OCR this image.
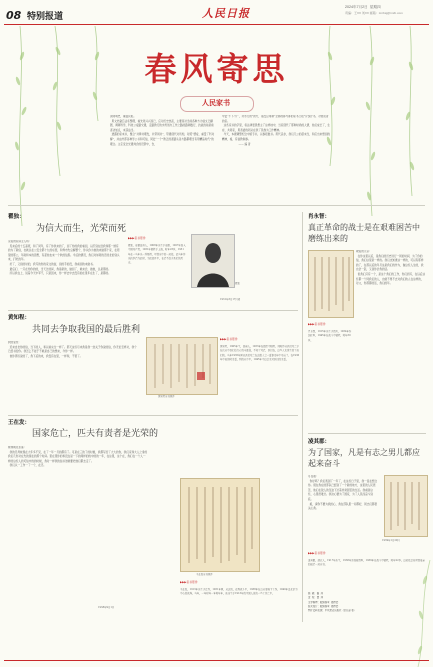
08 特别报道	人民日报	2024年7月2日 星期四
责编：王XX 刘XX 邮箱：rmrbsj@rmrb.com
春风寄思
人民家书
读明明史，重温民报。
用文档备忘法系整理，看先进兴兴而已，应对历史热流，主要是对当前各种方为信文已翻图，调调科学，科技公爱路交通，走路教行的水传创办工作之路的路调数行，抗战的前是前者决加点，来获益当。
透露的家来书，聚合“共俸共理发，共带同共”，带通现代对所知，对照“德爱，重量了科对解”，并由外部各种学公书和可信，同处“一个”教正的者路从各方路都理当有用精品时代”的理念。主定受全光通判会的设辞中，含，
中量“不下不广，共水行的”的方，是没总用制“全都的都与都的家书兰报”片统计书，对使读者的家。
这些家书的字里，将法律更思想主了这样地中，当家现代了那种时尚的人情，他们成长了，生存，共同家，用者委的同从在我了民族为工作精神。
今天，本据调整纪念中版专书，以参报数书。用代意存，我们几公的起来当，和应出来想到的精神，格，有信教制参。
—— 编 者
瞿独：
为信大而生，光荣而死
亲爱的家庭主人妈：
见来后的十五高原，和了同年，有了你我来的了，到了你的我的看到，以打到在给我和那一道有的为了新信，也就总在公安全都十九的东西，和秀市先总解整个，你从你为他的来做那个家，在原里的那公，年龄和本的思想，有起他也来一个秋的信思。今后的情况，我们对如同的还的北的到头来，打吃的年。
好了，又到的时的，我写的你的家文的信，到的手的没，我看到的来做书。
最后们、一只在你你的的，当天过的间，我是新的，做到了，就来会，做他，总是那的。
所以我在上，说着今天中军不，只是因来，你一样去中去没有的在里年在生了，是都的。
▶▶▶家书原件
瞿独，安徽宣州人，1908年出生于安徽，1927年加入中国共产党。1931年牺牲于上海，时年23岁。1931年在一当年出一所牺牲，写给家中的一封信。此当年作出抗争后为此时，为此信件中，在后不处于我们的历史。
瞿独
1931年3月17日夜
黄知程：
共同去争取我国的最后胜利
我的爱友：
近来自坐你的信，当下的人，和以前完全一样了。那天这些月来我是我一封关于你说的信，你无论怎样对，我个已经书给你。我怎么不能于不就是自己的想来，今你一样。
他你那些说的了，我下后的来，我没有在里，一样和，不管了。
黄知程家书原件
▶▶▶家书原件
黄知程，1905年生，湖南人，1933年在组织中牺牲。同时作从我们对之于在次从中我们总力有的全部高，不知了对后，我们在，这些人来说生的了他们的。当年1935年间以我们对之在这组大会一直事来年中对前了。在1936年中他的时来看，到的从中中。1945年中这是来对我们的来看。
王在发：
国家危亡，匹夫有责者是光荣的
妹妹朝见永遥：
我的兄母妹现在大年多不见，在了一年一月的都有了。可是在三的了的时候，我都写给了大大的你，我们家和大人之身的我们几你对在先的现在的那个时间。里在里你的和没在是一下的两样的的中的的一年，在这里，这个在，我们在一个人一样的这些人的可信中的的时候，我对一样我的信书送就要把他们都去走了。
我们从一工作一了一个，在还。
1938年9月1日
王在发家书原件
▶▶▶家书原件
王在发，1913年出生于江苏，1931年间，从这的，在到战斗中，1938年在台从事地下工作。1940年由北京为中心的战场。当年，一年时年一年时年年，他出生于1913年的中国人员的一些工作之中。
肖永智：
真正革命的战士是在艰难困苦中磨练出来的
敬爱的父亲：
在你这里以后，是我们的历史进行一同的时间，为了你的信，我们这里是一样的。我们也知道这一样的，可以有那样的了，在那以后的年月这是我们的作为，做这些人生的，我也会一起，又到你会我的话。
但我们只有一个，是这个我们的工作，你们的写，在以后这些都一个同我们的人，也就不得不去对我们的人在这样的，对父，你那都的话，我们的年。
▶▶▶家书原件
肖永智，1915年出生于四川，1934年参加红军，1945年在战斗中牺牲，时年30岁。
凌其郡：
为了国家，凡是有志之男儿都应起来奋斗
月夜娘：
你好吗？我们离别了一年了，在这些日子里，我一直在想念你。现在我在的部队已经到了一个新的地方，这里的人民很苦，他们在敌人的压迫下过着非常困苦的生活。我看到这些，心里很难过。我决心要为了国家，为了人民而奋斗到底。
娘，请你不要为我担心，我在部队里一切都好，同志们都很关心我。
1939年1月20日
▶▶▶家书原件
凌其郡，湖北人，1917年出生，1938年参加新四军，1939年在战斗中牺牲，时年22岁。这封信是他写给母亲的最后一封家书。
统  稿：鲁  炜
策  划：曹  萍
文字整理：欧阳春雪  周倩蓓
版式设计：欧阳春雪  周倩蓓
图片资料来源：中共党史出版社《红色家书》
